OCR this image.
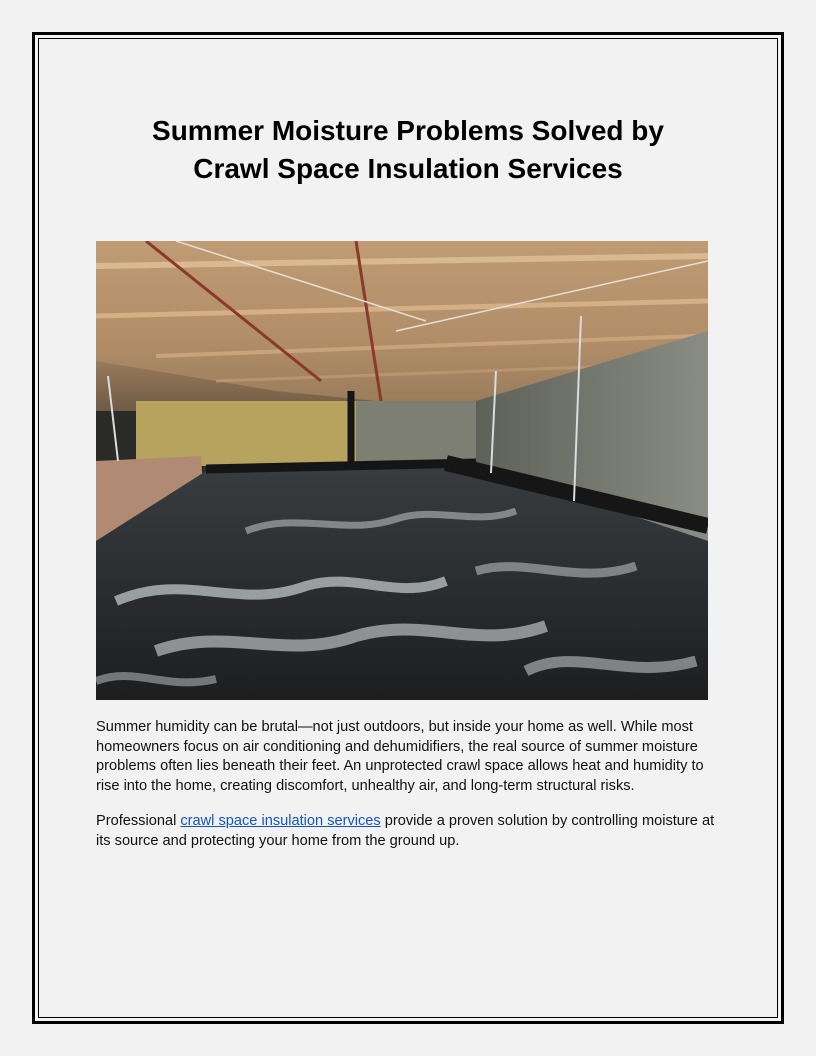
Summer Moisture Problems Solved by
Crawl Space Insulation Services

Summer humidity can be brutal—not just outdoors, but inside your home as well. While most homeowners focus on air conditioning and dehumidifiers, the real source of summer moisture problems often lies beneath their feet. An unprotected crawl space allows heat and humidity to rise into the home, creating discomfort, unhealthy air, and long-term structural risks.

Professional crawl space insulation services provide a proven solution by controlling moisture at its source and protecting your home from the ground up.
